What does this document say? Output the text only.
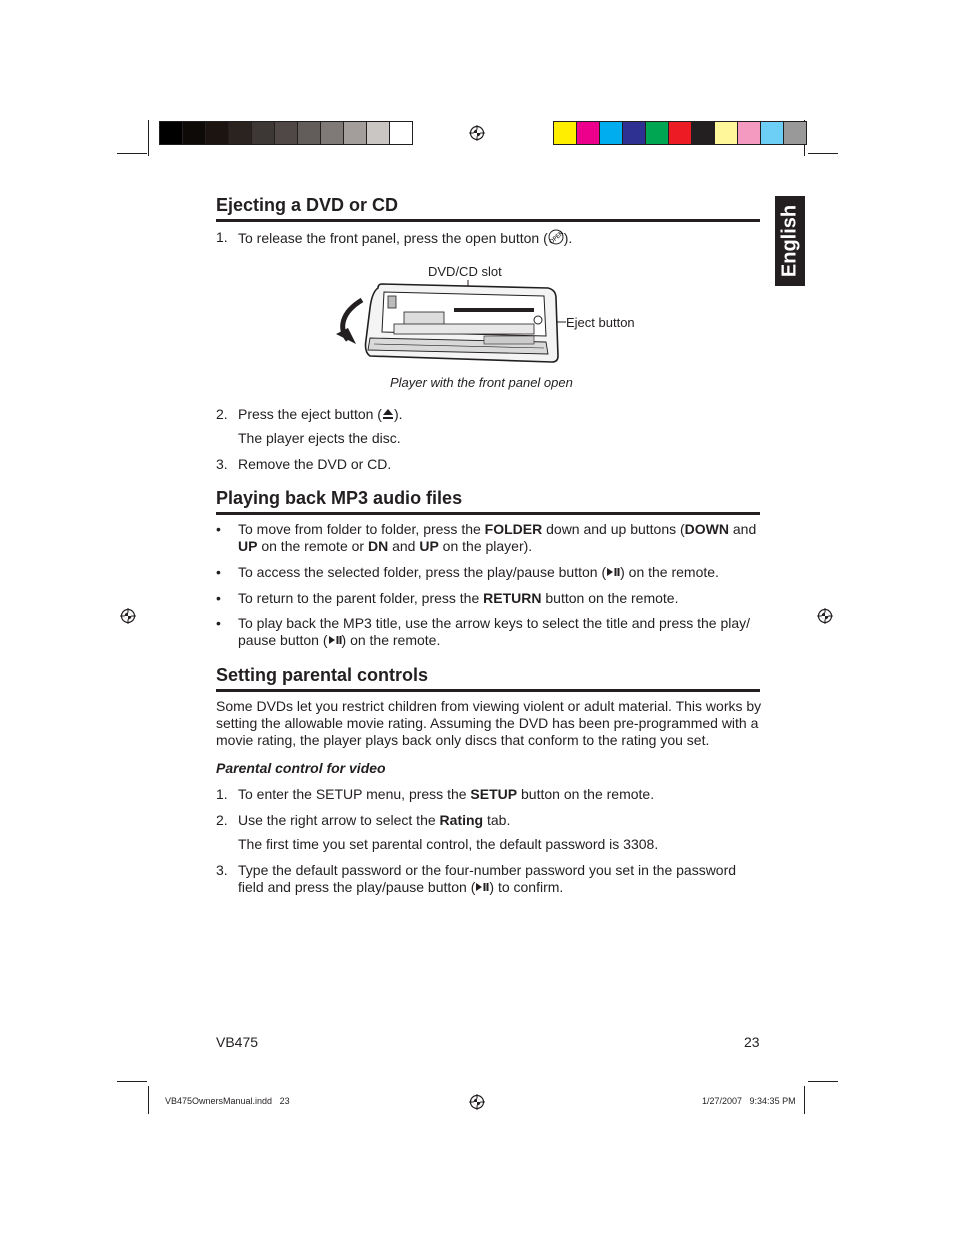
English
Ejecting a DVD or CD
1. To release the front panel, press the open button ( OPEN
).
DVD/CD slot
Eject button
Player with the front panel open
2. Press the eject button ( ).
The player ejects the disc.
3. Remove the DVD or CD.
Playing back MP3 audio files
• To move from folder to folder, press the FOLDER down and up buttons (DOWN and
UP on the remote or DN and UP on the player).
• To access the selected folder, press the play/pause button ( ) on the remote.
• To return to the parent folder, press the RETURN button on the remote.
• To play back the MP3 title, use the arrow keys to select the title and press the play/
pause button ( ) on the remote.
Setting parental controls
Some DVDs let you restrict children from viewing violent or adult material. This works by
setting the allowable movie rating. Assuming the DVD has been pre-programmed with a
movie rating, the player plays back only discs that conform to the rating you set.
Parental control for video
1. To enter the SETUP menu, press the SETUP button on the remote.
2. Use the right arrow to select the Rating tab.
The first time you set parental control, the default password is 3308.
3. Type the default password or the four-number password you set in the password
field and press the play/pause button ( ) to confirm.
VB475	23
VB475OwnersManual.indd   23	1/27/2007   9:34:35 PM
